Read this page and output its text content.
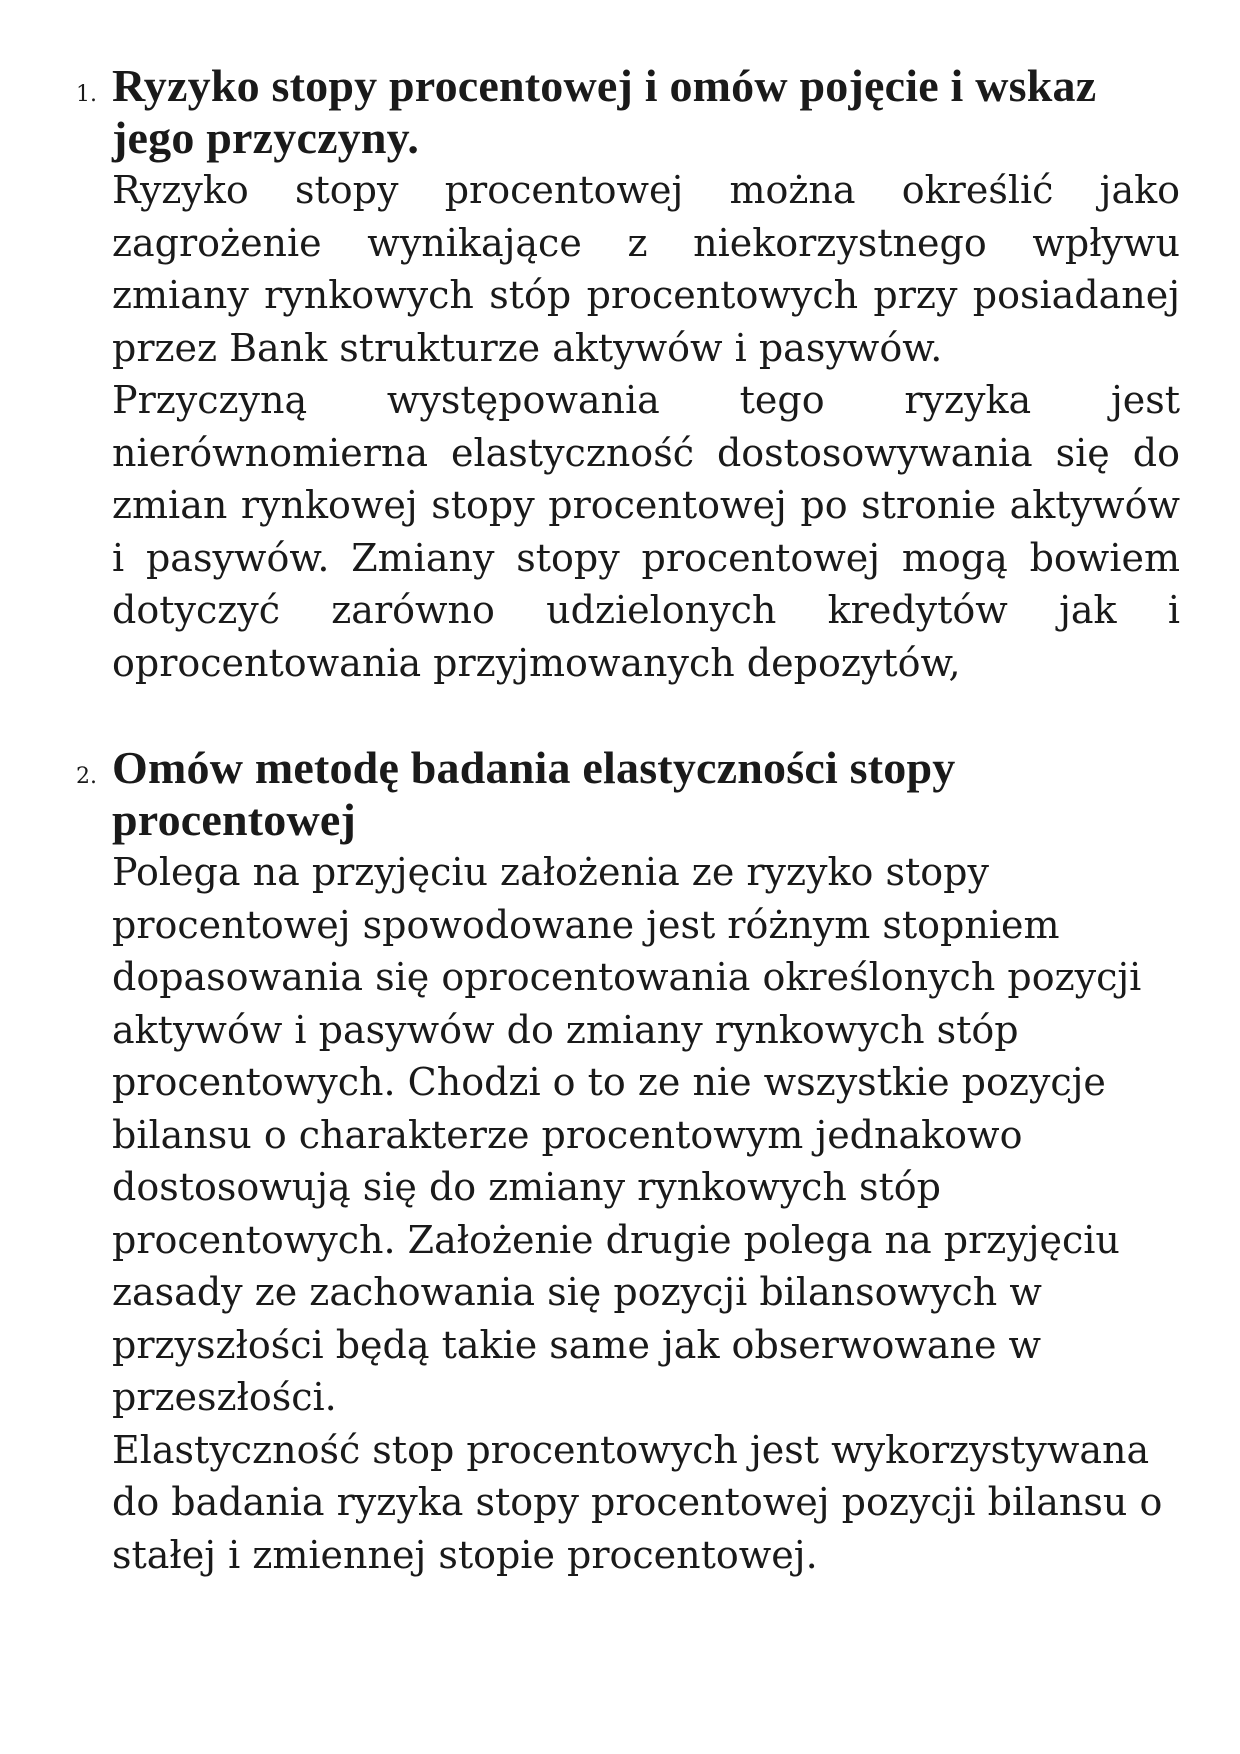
1. Ryzyko stopy procentowej i omów pojęcie i wskaz jego przyczyny.

Ryzyko stopy procentowej można określić jako zagrożenie wynikające z niekorzystnego wpływu zmiany rynkowych stóp procentowych przy posiadanej przez Bank strukturze aktywów i pasywów.

Przyczyną występowania tego ryzyka jest nierównomierna elastyczność dostosowywania się do zmian rynkowej stopy procentowej po stronie aktywów i pasywów. Zmiany stopy procentowej mogą bowiem dotyczyć zarówno udzielonych kredytów jak i oprocentowania przyjmowanych depozytów,

2. Omów metodę badania elastyczności stopy procentowej

Polega na przyjęciu założenia ze ryzyko stopy procentowej spowodowane jest różnym stopniem dopasowania się oprocentowania określonych pozycji aktywów i pasywów do zmiany rynkowych stóp procentowych. Chodzi o to ze nie wszystkie pozycje bilansu o charakterze procentowym jednakowo dostosowują się do zmiany rynkowych stóp procentowych. Założenie drugie polega na przyjęciu zasady ze zachowania się pozycji bilansowych w przyszłości będą takie same jak obserwowane w przeszłości.

Elastyczność stop procentowych jest wykorzystywana do badania ryzyka stopy procentowej pozycji bilansu o stałej i zmiennej stopie procentowej.
